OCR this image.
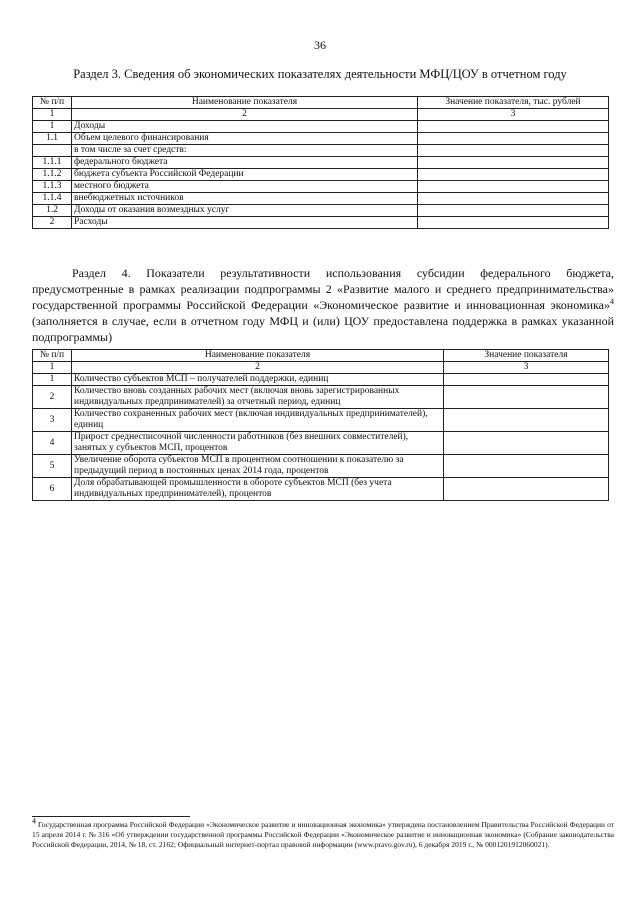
36
Раздел 3. Сведения об экономических показателях деятельности МФЦ/ЦОУ в отчетном году
№ п/п	Наименование показателя	Значение показателя, тыс. рублей
1	2	3
1	Доходы	
1.1	Объем целевого финансирования	
	в том числе за счет средств:	
1.1.1	федерального бюджета	
1.1.2	бюджета субъекта Российской Федерации	
1.1.3	местного бюджета	
1.1.4	внебюджетных источников	
1.2	Доходы от оказания возмездных услуг	
2	Расходы	
Раздел 4. Показатели результативности использования субсидии федерального бюджета, предусмотренные в рамках реализации подпрограммы 2 «Развитие малого и среднего предпринимательства» государственной программы Российской Федерации «Экономическое развитие и инновационная экономика»$^4$ (заполняется в случае, если в отчетном году МФЦ и (или) ЦОУ предоставлена поддержка в рамках указанной подпрограммы)
№ п/п	Наименование показателя	Значение показателя
1	2	3
1	Количество субъектов МСП – получателей поддержки, единиц	
2	Количество вновь созданных рабочих мест (включая вновь зарегистрированных индивидуальных предпринимателей) за отчетный период, единиц	
3	Количество сохраненных рабочих мест (включая индивидуальных предпринимателей), единиц	
4	Прирост среднесписочной численности работников (без внешних совместителей), занятых у субъектов МСП, процентов	
5	Увеличение оборота субъектов МСП в процентном соотношении к показателю за предыдущий период в постоянных ценах 2014 года, процентов	
6	Доля обрабатывающей промышленности в обороте субъектов МСП (без учета индивидуальных предпринимателей), процентов	
$^4$ Государственная программа Российской Федерации «Экономическое развитие и инновационная экономика» утверждена постановлением Правительства Российской Федерации от 15 апреля 2014 г. № 316 «Об утверждении государственной программы Российской Федерации «Экономическое развитие и инновационная экономика» (Собрание законодательства Российской Федерации, 2014, № 18, ст. 2162; Официальный интернет-портал правовой информации (www.pravo.gov.ru), 6 декабря 2019 г., № 0001201912060021).
